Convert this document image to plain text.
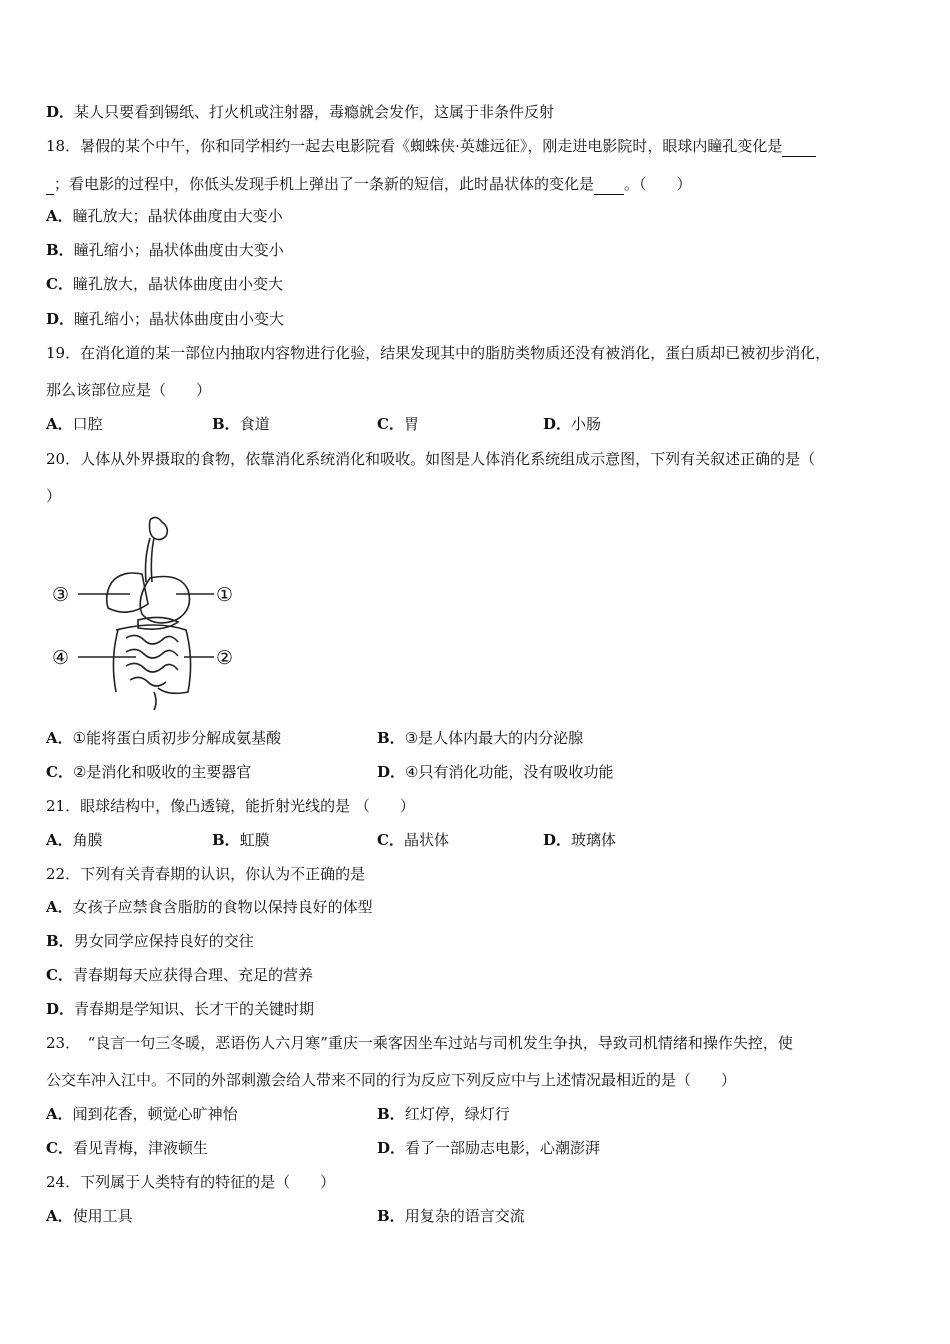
D．某人只要看到锡纸、打火机或注射器，毒瘾就会发作，这属于非条件反射
18．暑假的某个中午，你和同学相约一起去电影院看《蜘蛛侠·英雄远征》，刚走进电影院时，眼球内瞳孔变化是
；看电影的过程中，你低头发现手机上弹出了一条新的短信，此时晶状体的变化是 。（　　）
A．瞳孔放大；晶状体曲度由大变小
B．瞳孔缩小；晶状体曲度由大变小
C．瞳孔放大，晶状体曲度由小变大
D．瞳孔缩小；晶状体曲度由小变大
19．在消化道的某一部位内抽取内容物进行化验，结果发现其中的脂肪类物质还没有被消化，蛋白质却已被初步消化，
那么该部位应是（　　）
A．口腔	B．食道	C．胃	D．小肠
20．人体从外界摄取的食物，依靠消化系统消化和吸收。如图是人体消化系统组成示意图，下列有关叙述正确的是（
）
③	①
④	②
A．①能将蛋白质初步分解成氨基酸	B．③是人体内最大的内分泌腺
C．②是消化和吸收的主要器官	D．④只有消化功能，没有吸收功能
21．眼球结构中，像凸透镜，能折射光线的是 （　　）
A．角膜	B．虹膜	C．晶状体	D．玻璃体
22．下列有关青春期的认识，你认为不正确的是
A．女孩子应禁食含脂肪的食物以保持良好的体型
B．男女同学应保持良好的交往
C．青春期每天应获得合理、充足的营养
D．青春期是学知识、长才干的关键时期
23．　“良言一句三冬暖，恶语伤人六月寒”重庆一乘客因坐车过站与司机发生争执，导致司机情绪和操作失控，使
公交车冲入江中。不同的外部刺激会给人带来不同的行为反应下列反应中与上述情况最相近的是（　　）
A．闻到花香，顿觉心旷神怡	B．红灯停，绿灯行
C．看见青梅，津液顿生	D．看了一部励志电影，心潮澎湃
24．下列属于人类特有的特征的是（　　）
A．使用工具	B．用复杂的语言交流
